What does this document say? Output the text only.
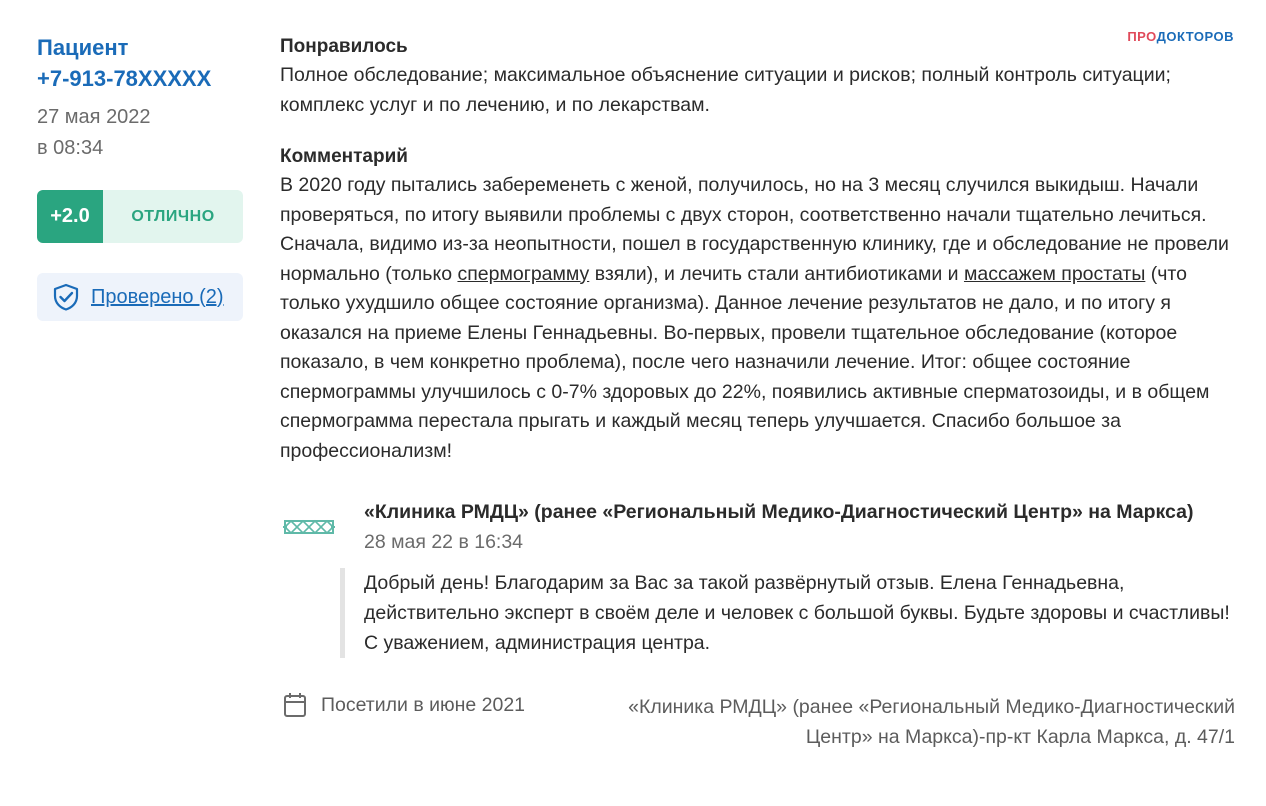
ПРОДОКТОРОВ
Пациент
+7-913-78XXXXX
27 мая 2022
в 08:34
+2.0	ОТЛИЧНО
Проверено (2)
Понравилось
Полное обследование; максимальное объяснение ситуации и рисков; полный контроль ситуации; комплекс услуг и по лечению, и по лекарствам.
Комментарий
В 2020 году пытались забеременеть с женой, получилось, но на 3 месяц случился выкидыш. Начали проверяться, по итогу выявили проблемы с двух сторон, соответственно начали тщательно лечиться. Сначала, видимо из-за неопытности, пошел в государственную клинику, где и обследование не провели нормально (только спермограмму взяли), и лечить стали антибиотиками и массажем простаты (что только ухудшило общее состояние организма). Данное лечение результатов не дало, и по итогу я оказался на приеме Елены Геннадьевны. Во-первых, провели тщательное обследование (которое показало, в чем конкретно проблема), после чего назначили лечение. Итог: общее состояние спермограммы улучшилось с 0-7% здоровых до 22%, появились активные сперматозоиды, и в общем спермограмма перестала прыгать и каждый месяц теперь улучшается. Спасибо большое за профессионализм!
«Клиника РМДЦ» (ранее «Региональный Медико-Диагностический Центр» на Маркса)
28 мая 22 в 16:34
Добрый день! Благодарим за Вас за такой развёрнутый отзыв. Елена Геннадьевна, действительно эксперт в своём деле и человек с большой буквы. Будьте здоровы и счастливы! С уважением, администрация центра.
Посетили в июне 2021	«Клиника РМДЦ» (ранее «Региональный Медико-Диагностический Центр» на Маркса)-пр-кт Карла Маркса, д. 47/1
